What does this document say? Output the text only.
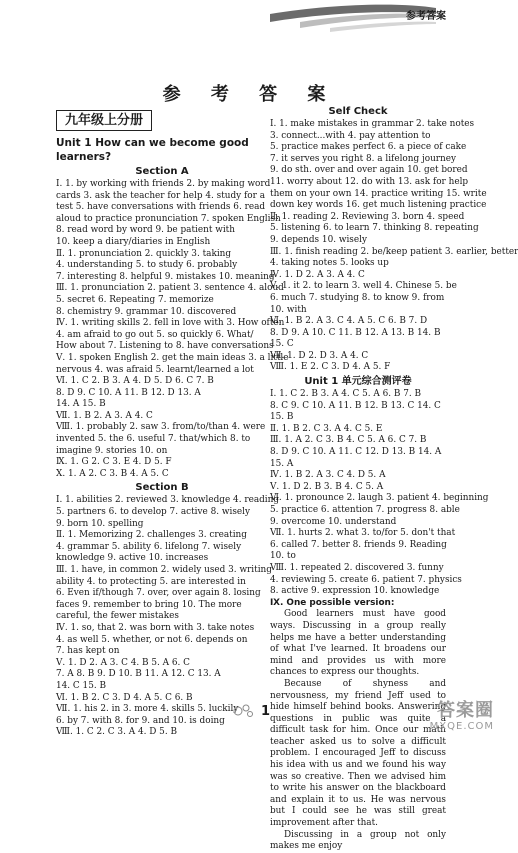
参考答案
参 考 答 案
九年级上分册
Unit 1 How can we become good learners?
Section A
Ⅰ. 1. by working with friends 2. by making word
cards 3. ask the teacher for help 4. study for a
test 5. have conversations with friends 6. read
aloud to practice pronunciation 7. spoken English
8. read word by word 9. be patient with
10. keep a diary/diaries in English
Ⅱ. 1. pronunciation 2. quickly 3. taking
4. understanding 5. to study 6. probably
7. interesting 8. helpful 9. mistakes 10. meaning
Ⅲ. 1. pronunciation 2. patient 3. sentence 4. aloud
5. secret 6. Repeating 7. memorize
8. chemistry 9. grammar 10. discovered
Ⅳ. 1. writing skills 2. fell in love with 3. How often
4. am afraid to go out 5. so quickly 6. What/
How about 7. Listening to 8. have conversations
Ⅴ. 1. spoken English 2. get the main ideas 3. a little
nervous 4. was afraid 5. learnt/learned a lot
Ⅵ. 1. C 2. B 3. A 4. D 5. D 6. C 7. B
8. D 9. C 10. A 11. B 12. D 13. A
14. A 15. B
Ⅶ. 1. B 2. A 3. A 4. C
Ⅷ. 1. probably 2. saw 3. from/to/than 4. were
invented 5. the 6. useful 7. that/which 8. to
imagine 9. stories 10. on
Ⅸ. 1. G 2. C 3. E 4. D 5. F
Ⅹ. 1. A 2. C 3. B 4. A 5. C
Section B
Ⅰ. 1. abilities 2. reviewed 3. knowledge 4. reading
5. partners 6. to develop 7. active 8. wisely
9. born 10. spelling
Ⅱ. 1. Memorizing 2. challenges 3. creating
4. grammar 5. ability 6. lifelong 7. wisely
knowledge 9. active 10. increases
Ⅲ. 1. have, in common 2. widely used 3. writing
ability 4. to protecting 5. are interested in
6. Even if/though 7. over, over again 8. losing
faces 9. remember to bring 10. The more
careful, the fewer mistakes
Ⅳ. 1. so, that 2. was born with 3. take notes
4. as well 5. whether, or not 6. depends on
7. has kept on
Ⅴ. 1. D 2. A 3. C 4. B 5. A 6. C
7. A 8. B 9. D 10. B 11. A 12. C 13. A
14. C 15. B
Ⅵ. 1. B 2. C 3. D 4. A 5. C 6. B
Ⅶ. 1. his 2. in 3. more 4. skills 5. luckily
6. by 7. with 8. for 9. and 10. is doing
Ⅷ. 1. C 2. C 3. A 4. D 5. B
Self Check
Ⅰ. 1. make mistakes in grammar 2. take notes
3. connect...with 4. pay attention to
5. practice makes perfect 6. a piece of cake
7. it serves you right 8. a lifelong journey
9. do sth. over and over again 10. get bored
11. worry about 12. do with 13. ask for help
them on your own 14. practice writing 15. write
down key words 16. get much listening practice
Ⅱ. 1. reading 2. Reviewing 3. born 4. speed
5. listening 6. to learn 7. thinking 8. repeating
9. depends 10. wisely
Ⅲ. 1. finish reading 2. be/keep patient 3. earlier, better
4. taking notes 5. looks up
Ⅳ. 1. D 2. A 3. A 4. C
Ⅴ. 1. it 2. to learn 3. well 4. Chinese 5. be
6. much 7. studying 8. to know 9. from
10. with
Ⅵ. 1. B 2. A 3. C 4. A 5. C 6. B 7. D
8. D 9. A 10. C 11. B 12. A 13. B 14. B
15. C
Ⅶ. 1. D 2. D 3. A 4. C
Ⅷ. 1. E 2. C 3. D 4. A 5. F
Unit 1 单元综合测评卷
Ⅰ. 1. C 2. B 3. A 4. C 5. A 6. B 7. B
8. C 9. C 10. A 11. B 12. B 13. C 14. C
15. B
Ⅱ. 1. B 2. C 3. A 4. C 5. E
Ⅲ. 1. A 2. C 3. B 4. C 5. A 6. C 7. B
8. D 9. C 10. A 11. C 12. D 13. B 14. A
15. A
Ⅳ. 1. B 2. A 3. C 4. D 5. A
Ⅴ. 1. D 2. B 3. B 4. C 5. A
Ⅵ. 1. pronounce 2. laugh 3. patient 4. beginning
5. practice 6. attention 7. progress 8. able
9. overcome 10. understand
Ⅶ. 1. hurts 2. what 3. to/for 5. don't that
6. called 7. better 8. friends 9. Reading
10. to
Ⅷ. 1. repeated 2. discovered 3. funny
4. reviewing 5. create 6. patient 7. physics
8. active 9. expression 10. knowledge
Ⅸ. One possible version:
Good learners must have good ways. Discussing in a group really helps me have a better understanding of what I've learned. It broadens our mind and provides us with more chances to express our thoughts.
Because of shyness and nervousness, my friend Jeff used to hide himself behind books. Answering questions in public was quite a difficult task for him. Once our math teacher asked us to solve a difficult problem. I encouraged Jeff to discuss his idea with us and we found his way was so creative. Then we advised him to write his answer on the blackboard and explain it to us. He was nervous but I could see he was still great improvement after that.
Discussing in a group not only makes me enjoy
1	答案圈
MXQE.COM
